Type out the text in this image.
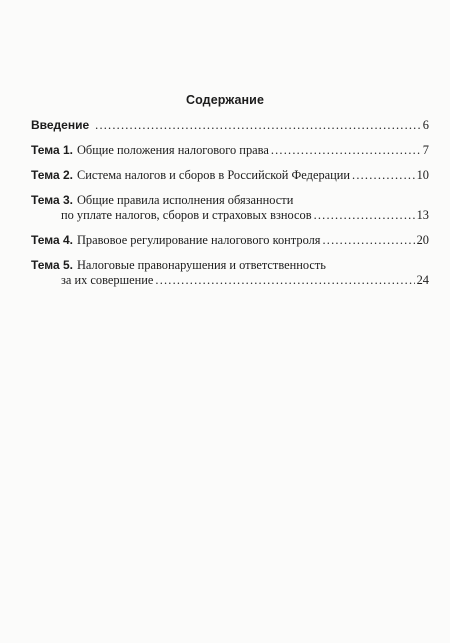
Содержание
Введение .....	6
Тема 1. Общие положения налогового права .....	7
Тема 2. Система налогов и сборов в Российской Федерации .....	10
Тема 3. Общие правила исполнения обязанности
по уплате налогов, сборов и страховых взносов .....	13
Тема 4. Правовое регулирование налогового контроля .....	20
Тема 5. Налоговые правонарушения и ответственность
за их совершение .....	24
